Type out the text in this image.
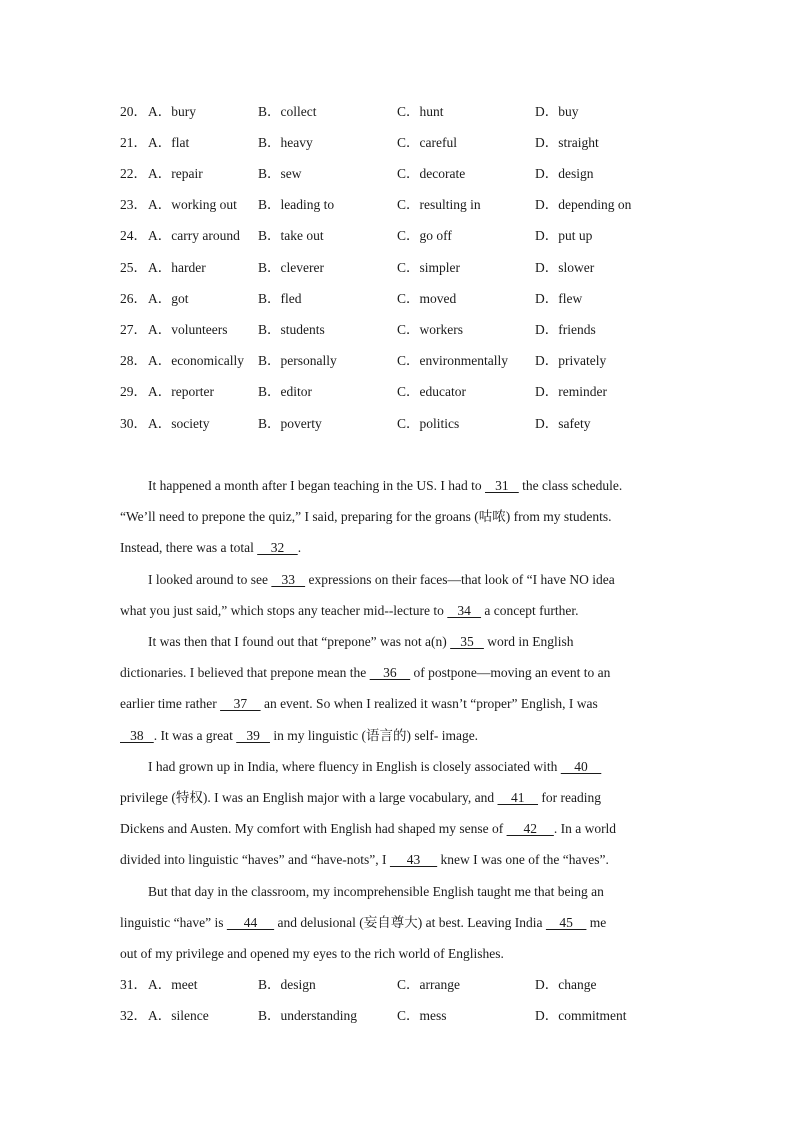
20． A．bury	B．collect	C．hunt	D．buy
21． A．flat	B．heavy	C．careful	D．straight
22． A．repair	B．sew	C．decorate	D．design
23． A．working out B．leading to	C．resulting in	D．depending on
24． A．carry around B．take out	C．go off	D．put up
25． A．harder	B．cleverer	C．simpler	D．slower
26． A．got	B．fled	C．moved	D．flew
27． A．volunteers B．students	C．workers	D．friends
28． A．economically B．personally	C．environmentally D．privately
29． A．reporter	B．editor	C．educator	D．reminder
30． A．society	B．poverty	C．politics	D．safety
It happened a month after I began teaching in the US. I had to    31    the class schedule.
“We’ll need to prepone the quiz,” I said, preparing for the groans (咕哝) from my students.
Instead, there was a total     32    .
I looked around to see    33    expressions on their faces—that look of “I have NO idea
what you just said,” which stops any teacher mid--lecture to    34    a concept further.
It was then that I found out that “prepone” was not a(n)    35    word in English
dictionaries. I believed that prepone mean the     36     of postpone—moving an event to an
earlier time rather     37     an event. So when I realized it wasn’t “proper” English, I was
38   . It was a great    39    in my linguistic (语言的) self- image.
I had grown up in India, where fluency in English is closely associated with     40
privilege (特权). I was an English major with a large vocabulary, and     41     for reading
Dickens and Austen. My comfort with English had shaped my sense of      42     . In a world
divided into linguistic “haves” and “have-nots”, I      43      knew I was one of the “haves”.
But that day in the classroom, my incomprehensible English taught me that being an
linguistic “have” is      44      and delusional (妄自尊大) at best. Leaving India     45     me
out of my privilege and opened my eyes to the rich world of Englishes.
31． A．meet	B．design	C．arrange	D．change
32． A．silence	B．understanding	C．mess	D．commitment
